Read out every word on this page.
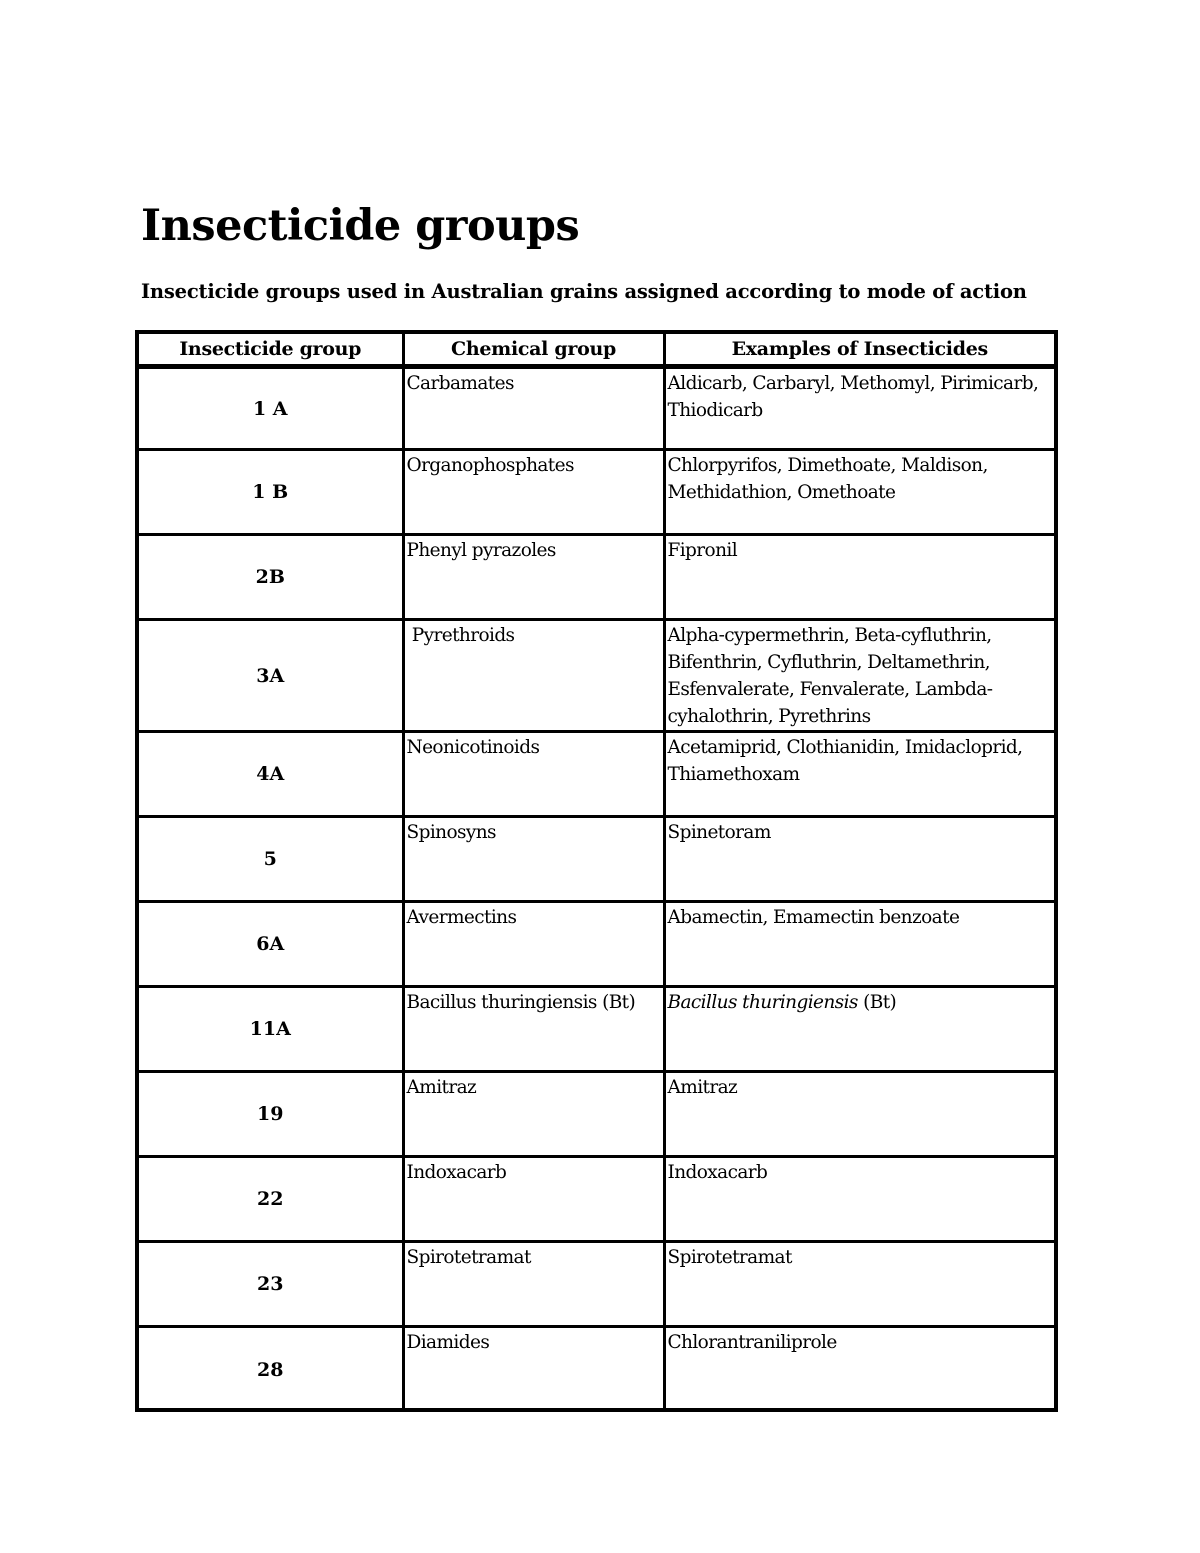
Insecticide groups

Insecticide groups used in Australian grains assigned according to mode of action

Insecticide group	Chemical group	Examples of Insecticides
1 A	Carbamates	Aldicarb, Carbaryl, Methomyl, Pirimicarb, Thiodicarb
1 B	Organophosphates	Chlorpyrifos, Dimethoate, Maldison, Methidathion, Omethoate
2B	Phenyl pyrazoles	Fipronil
3A	Pyrethroids	Alpha-cypermethrin, Beta-cyfluthrin, Bifenthrin, Cyfluthrin, Deltamethrin, Esfenvalerate, Fenvalerate, Lambda-cyhalothrin, Pyrethrins
4A	Neonicotinoids	Acetamiprid, Clothianidin, Imidacloprid, Thiamethoxam
5	Spinosyns	Spinetoram
6A	Avermectins	Abamectin, Emamectin benzoate
11A	Bacillus thuringiensis (Bt)	Bacillus thuringiensis (Bt)
19	Amitraz	Amitraz
22	Indoxacarb	Indoxacarb
23	Spirotetramat	Spirotetramat
28	Diamides	Chlorantraniliprole
